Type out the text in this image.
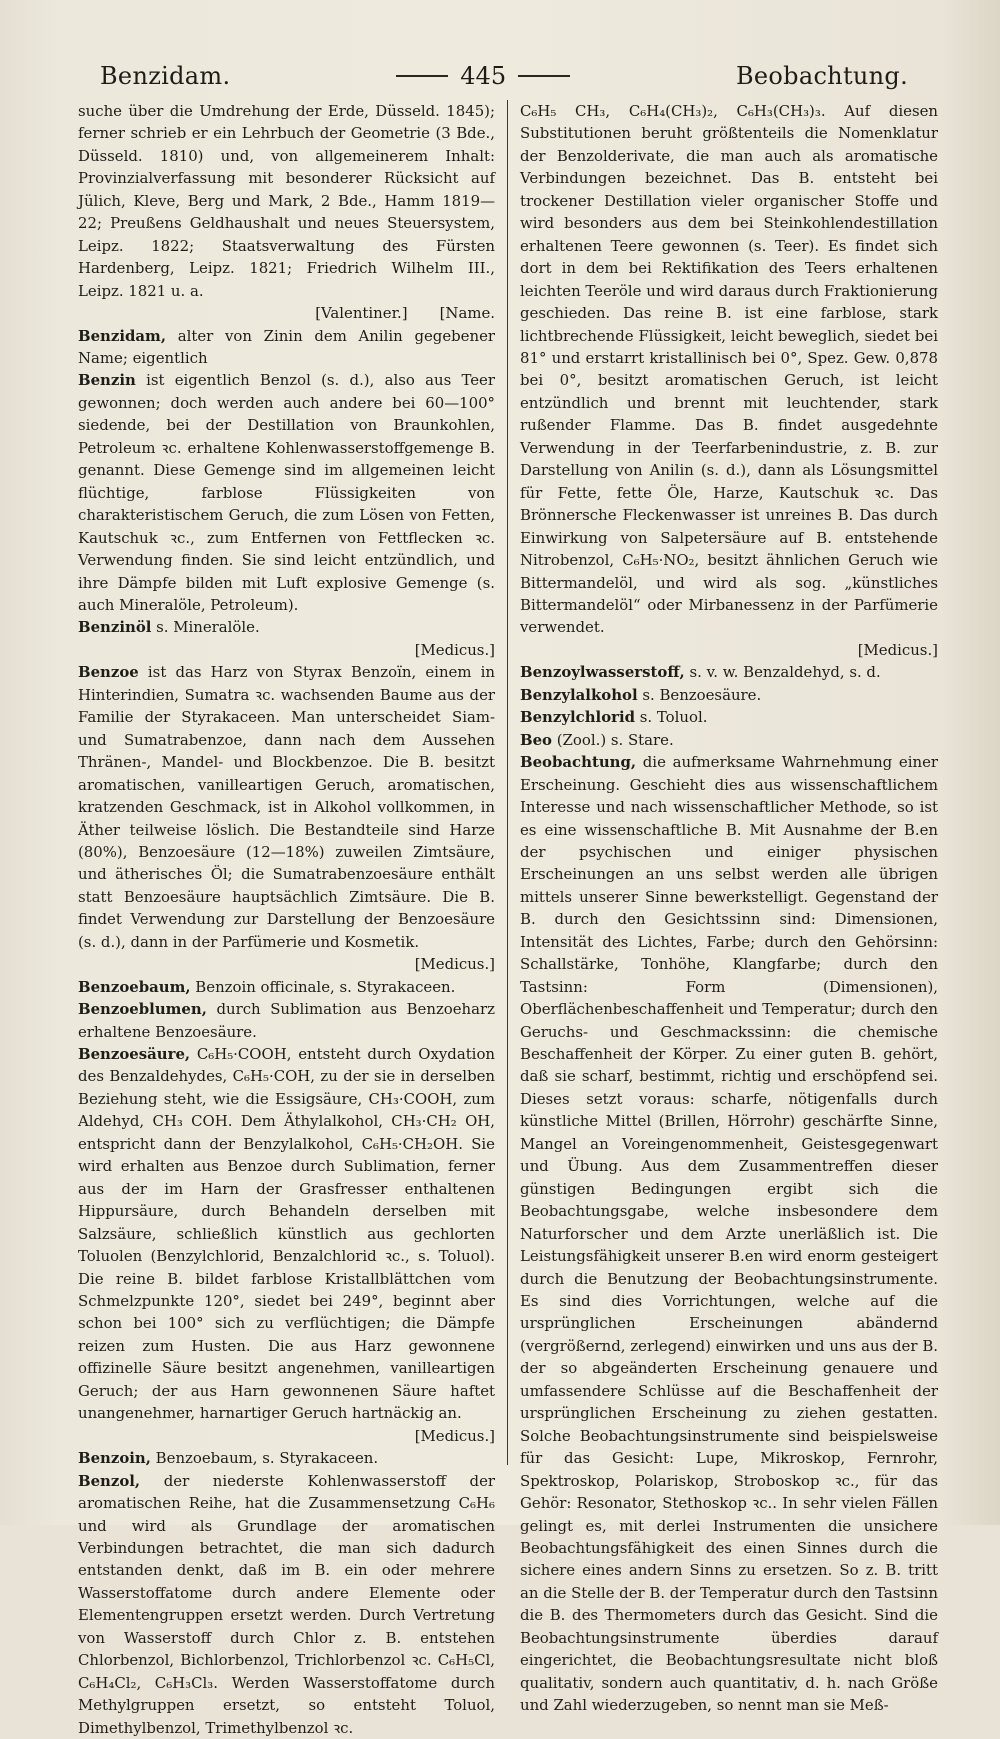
Benzidam.	445	Beobachtung.

suche über die Umdrehung der Erde, Düsseld. 1845); ferner schrieb er ein Lehrbuch der Geometrie (3 Bde., Düsseld. 1810) und, von allgemeinerem Inhalt: Provinzialverfassung mit besonderer Rücksicht auf Jülich, Kleve, Berg und Mark, 2 Bde., Hamm 1819—22; Preußens Geldhaushalt und neues Steuersystem, Leipz. 1822; Staatsverwaltung des Fürsten Hardenberg, Leipz. 1821; Friedrich Wilhelm III., Leipz. 1821 u. a.

[Valentiner.] [Name.

Benzidam, alter von Zinin dem Anilin gegebener Name; eigentlich

Benzin ist eigentlich Benzol (s. d.), also aus Teer gewonnen; doch werden auch andere bei 60—100° siedende, bei der Destillation von Braunkohlen, Petroleum ꝛc. erhaltene Kohlenwasserstoffgemenge B. genannt. Diese Gemenge sind im allgemeinen leicht flüchtige, farblose Flüssigkeiten von charakteristischem Geruch, die zum Lösen von Fetten, Kautschuk ꝛc., zum Entfernen von Fettflecken ꝛc. Verwendung finden. Sie sind leicht entzündlich, und ihre Dämpfe bilden mit Luft explosive Gemenge (s. auch Mineralöle, Petroleum).

Benzinöl s. Mineralöle.
[Medicus.]

Benzoe ist das Harz von Styrax Benzoïn, einem in Hinterindien, Sumatra ꝛc. wachsenden Baume aus der Familie der Styrakaceen. Man unterscheidet Siam- und Sumatrabenzoe, dann nach dem Aussehen Thränen-, Mandel- und Blockbenzoe. Die B. besitzt aromatischen, vanilleartigen Geruch, aromatischen, kratzenden Geschmack, ist in Alkohol vollkommen, in Äther teilweise löslich. Die Bestandteile sind Harze (80%), Benzoesäure (12—18%) zuweilen Zimtsäure, und ätherisches Öl; die Sumatrabenzoesäure enthält statt Benzoesäure hauptsächlich Zimtsäure. Die B. findet Verwendung zur Darstellung der Benzoesäure (s. d.), dann in der Parfümerie und Kosmetik.
[Medicus.]

Benzoebaum, Benzoin officinale, s. Styrakaceen.

Benzoeblumen, durch Sublimation aus Benzoeharz erhaltene Benzoesäure.

Benzoesäure, C₆H₅·COOH, entsteht durch Oxydation des Benzaldehydes, C₆H₅·COH, zu der sie in derselben Beziehung steht, wie die Essigsäure, CH₃·COOH, zum Aldehyd, CH₃ COH. Dem Äthylalkohol, CH₃·CH₂ OH, entspricht dann der Benzylalkohol, C₆H₅·CH₂OH. Sie wird erhalten aus Benzoe durch Sublimation, ferner aus der im Harn der Grasfresser enthaltenen Hippursäure, durch Behandeln derselben mit Salzsäure, schließlich künstlich aus gechlorten Toluolen (Benzylchlorid, Benzalchlorid ꝛc., s. Toluol). Die reine B. bildet farblose Kristallblättchen vom Schmelzpunkte 120°, siedet bei 249°, beginnt aber schon bei 100° sich zu verflüchtigen; die Dämpfe reizen zum Husten. Die aus Harz gewonnene offizinelle Säure besitzt angenehmen, vanilleartigen Geruch; der aus Harn gewonnenen Säure haftet unangenehmer, harnartiger Geruch hartnäckig an.
[Medicus.]

Benzoin, Benzoebaum, s. Styrakaceen.

Benzol, der niederste Kohlenwasserstoff der aromatischen Reihe, hat die Zusammensetzung C₆H₆ und wird als Grundlage der aromatischen Verbindungen betrachtet, die man sich dadurch entstanden denkt, daß im B. ein oder mehrere Wasserstoffatome durch andere Elemente oder Elementengruppen ersetzt werden. Durch Vertretung von Wasserstoff durch Chlor z. B. entstehen Chlorbenzol, Bichlorbenzol, Trichlorbenzol ꝛc. C₆H₅Cl, C₆H₄Cl₂, C₆H₃Cl₃. Werden Wasserstoffatome durch Methylgruppen ersetzt, so entsteht Toluol, Dimethylbenzol, Trimethylbenzol ꝛc.

C₆H₅ CH₃, C₆H₄(CH₃)₂, C₆H₃(CH₃)₃. Auf diesen Substitutionen beruht größtenteils die Nomenklatur der Benzolderivate, die man auch als aromatische Verbindungen bezeichnet. Das B. entsteht bei trockener Destillation vieler organischer Stoffe und wird besonders aus dem bei Steinkohlendestillation erhaltenen Teere gewonnen (s. Teer). Es findet sich dort in dem bei Rektifikation des Teers erhaltenen leichten Teeröle und wird daraus durch Fraktionierung geschieden. Das reine B. ist eine farblose, stark lichtbrechende Flüssigkeit, leicht beweglich, siedet bei 81° und erstarrt kristallinisch bei 0°, Spez. Gew. 0,878 bei 0°, besitzt aromatischen Geruch, ist leicht entzündlich und brennt mit leuchtender, stark rußender Flamme. Das B. findet ausgedehnte Verwendung in der Teerfarbenindustrie, z. B. zur Darstellung von Anilin (s. d.), dann als Lösungsmittel für Fette, fette Öle, Harze, Kautschuk ꝛc. Das Brönnersche Fleckenwasser ist unreines B. Das durch Einwirkung von Salpetersäure auf B. entstehende Nitrobenzol, C₆H₅·NO₂, besitzt ähnlichen Geruch wie Bittermandelöl, und wird als sog. „künstliches Bittermandelöl“ oder Mirbanessenz in der Parfümerie verwendet.
[Medicus.]

Benzoylwasserstoff, s. v. w. Benzaldehyd, s. d.

Benzylalkohol s. Benzoesäure.

Benzylchlorid s. Toluol.

Beo (Zool.) s. Stare.

Beobachtung, die aufmerksame Wahrnehmung einer Erscheinung. Geschieht dies aus wissenschaftlichem Interesse und nach wissenschaftlicher Methode, so ist es eine wissenschaftliche B. Mit Ausnahme der B.en der psychischen und einiger physischen Erscheinungen an uns selbst werden alle übrigen mittels unserer Sinne bewerkstelligt. Gegenstand der B. durch den Gesichtssinn sind: Dimensionen, Intensität des Lichtes, Farbe; durch den Gehörsinn: Schallstärke, Tonhöhe, Klangfarbe; durch den Tastsinn: Form (Dimensionen), Oberflächenbeschaffenheit und Temperatur; durch den Geruchs- und Geschmackssinn: die chemische Beschaffenheit der Körper. Zu einer guten B. gehört, daß sie scharf, bestimmt, richtig und erschöpfend sei. Dieses setzt voraus: scharfe, nötigenfalls durch künstliche Mittel (Brillen, Hörrohr) geschärfte Sinne, Mangel an Voreingenommenheit, Geistesgegenwart und Übung. Aus dem Zusammentreffen dieser günstigen Bedingungen ergibt sich die Beobachtungsgabe, welche insbesondere dem Naturforscher und dem Arzte unerläßlich ist. Die Leistungsfähigkeit unserer B.en wird enorm gesteigert durch die Benutzung der Beobachtungsinstrumente. Es sind dies Vorrichtungen, welche auf die ursprünglichen Erscheinungen abändernd (vergrößernd, zerlegend) einwirken und uns aus der B. der so abgeänderten Erscheinung genauere und umfassendere Schlüsse auf die Beschaffenheit der ursprünglichen Erscheinung zu ziehen gestatten. Solche Beobachtungsinstrumente sind beispielsweise für das Gesicht: Lupe, Mikroskop, Fernrohr, Spektroskop, Polariskop, Stroboskop ꝛc., für das Gehör: Resonator, Stethoskop ꝛc.. In sehr vielen Fällen gelingt es, mit derlei Instrumenten die unsichere Beobachtungsfähigkeit des einen Sinnes durch die sichere eines andern Sinns zu ersetzen. So z. B. tritt an die Stelle der B. der Temperatur durch den Tastsinn die B. des Thermometers durch das Gesicht. Sind die Beobachtungsinstrumente überdies darauf eingerichtet, die Beobachtungsresultate nicht bloß qualitativ, sondern auch quantitativ, d. h. nach Größe und Zahl wiederzugeben, so nennt man sie Meß-
